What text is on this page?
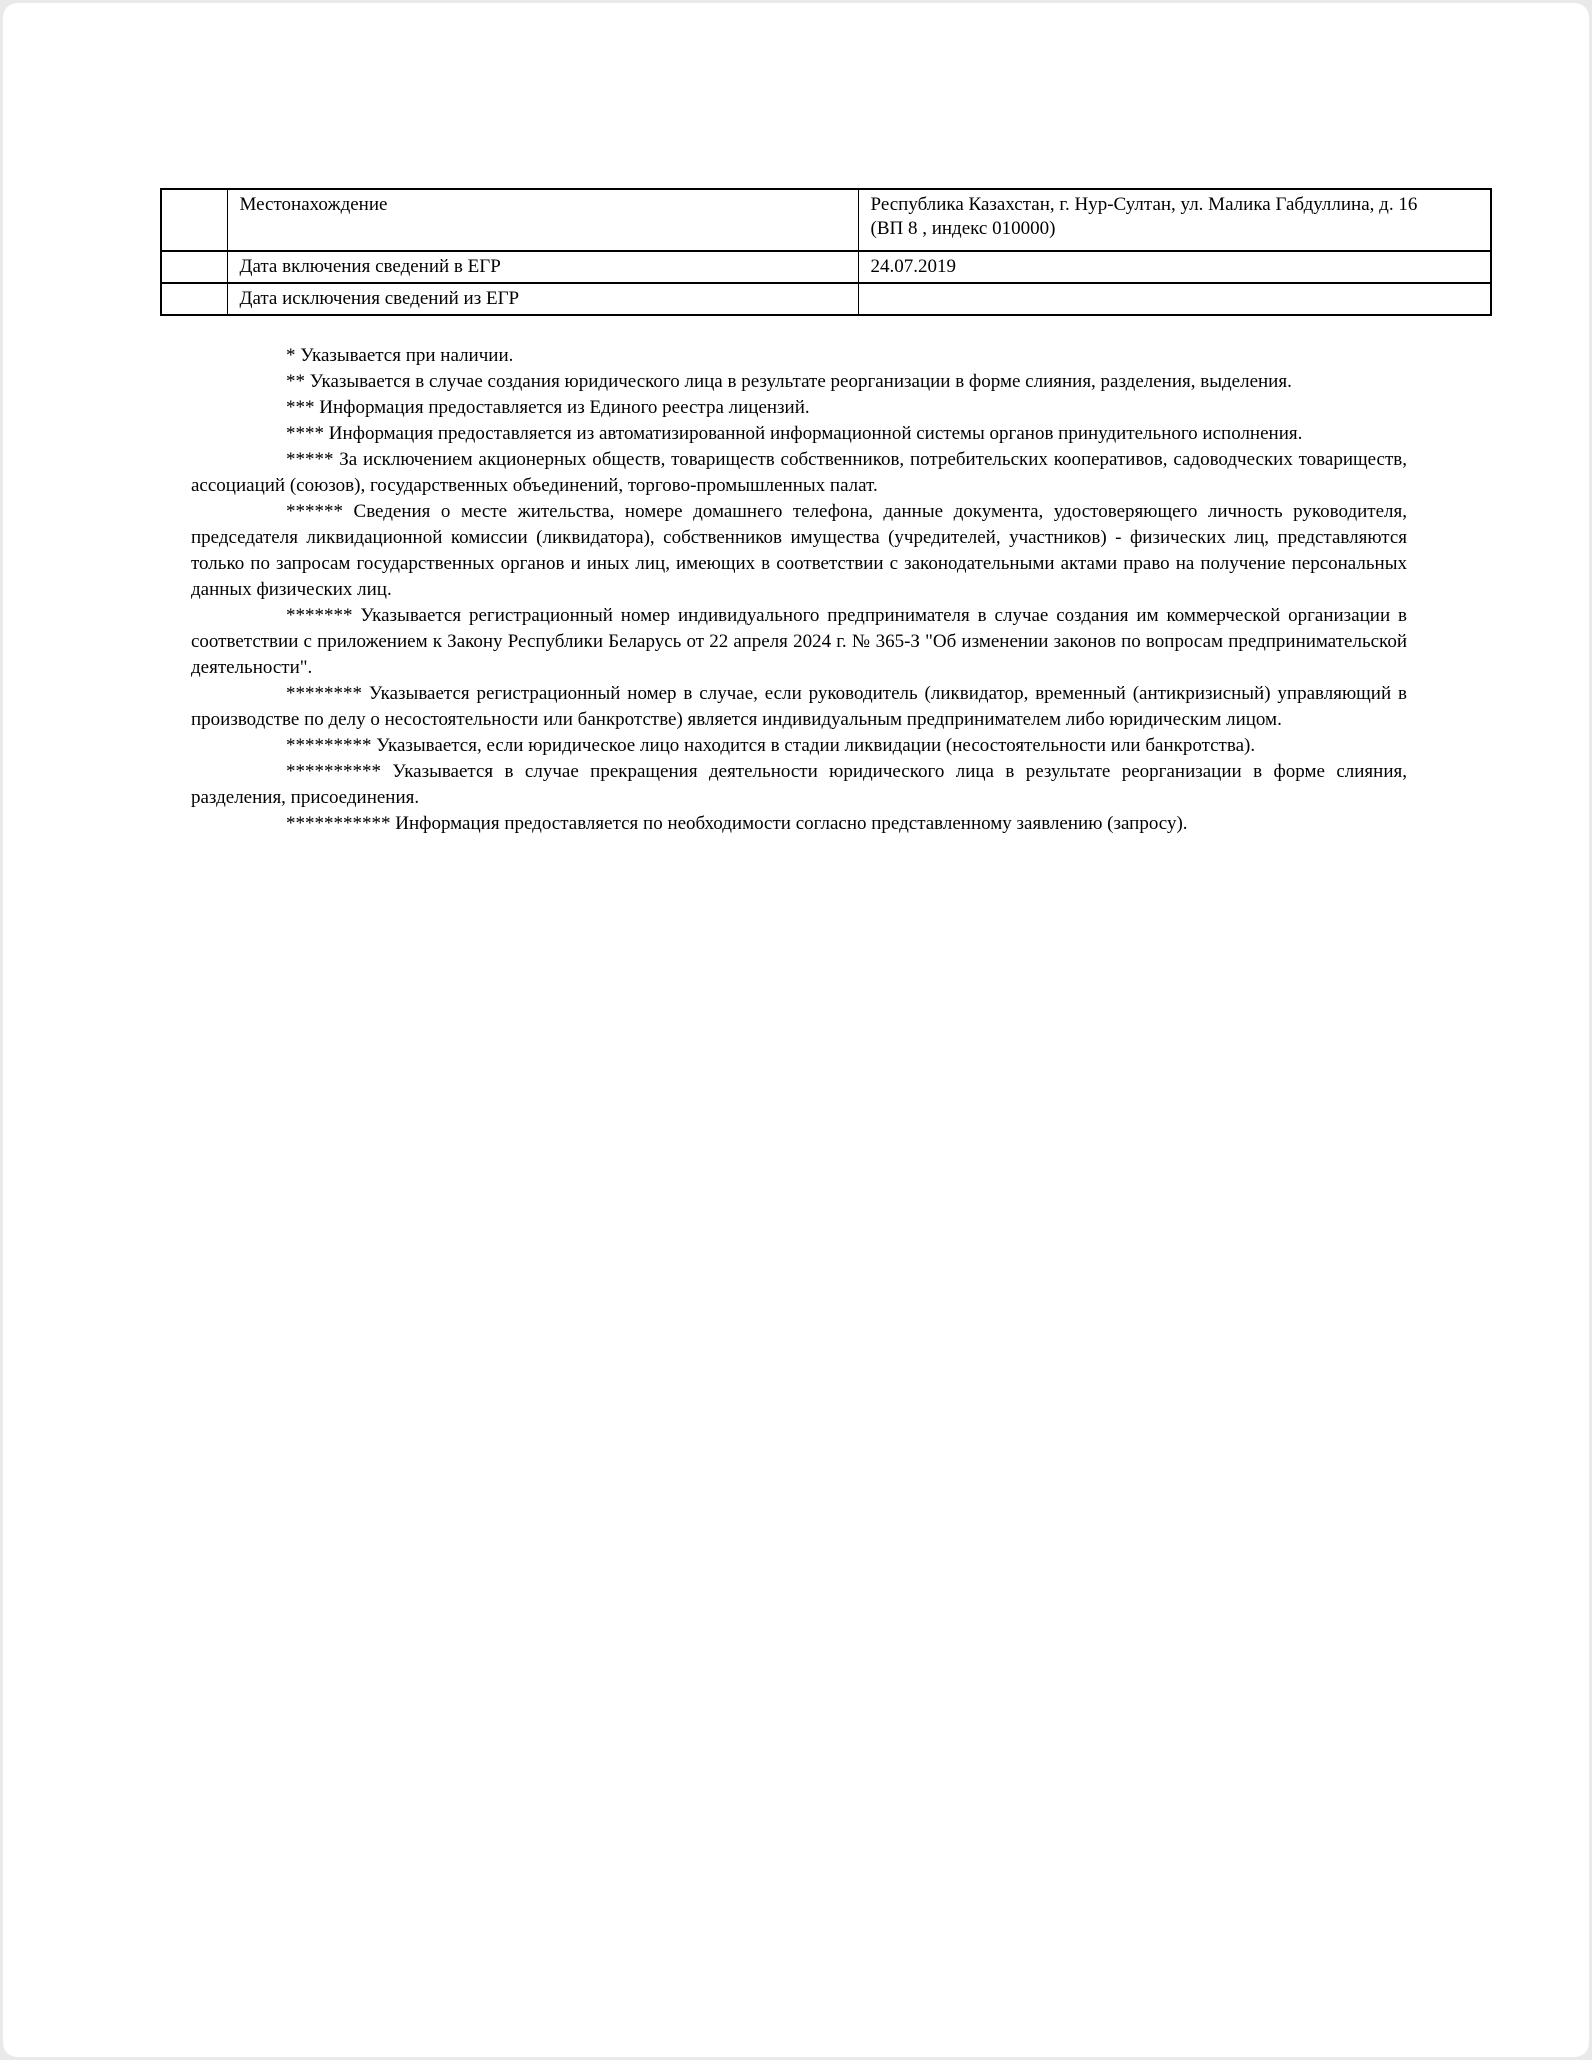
	Местонахождение	Республика Казахстан, г. Нур-Султан, ул. Малика Габдуллина, д. 16 (ВП 8 , индекс 010000)

	Дата включения сведений в ЕГР	24.07.2019
	Дата исключения сведений из ЕГР	

* Указывается при наличии.

** Указывается в случае создания юридического лица в результате реорганизации в форме слияния, разделения, выделения.

*** Информация предоставляется из Единого реестра лицензий.

**** Информация предоставляется из автоматизированной информационной системы органов принудительного исполнения.

***** За исключением акционерных обществ, товариществ собственников, потребительских кооперативов, садоводческих товариществ, ассоциаций (союзов), государственных объединений, торгово-промышленных палат.

****** Сведения о месте жительства, номере домашнего телефона, данные документа, удостоверяющего личность руководителя, председателя ликвидационной комиссии (ликвидатора), собственников имущества (учредителей, участников) - физических лиц, представляются только по запросам государственных органов и иных лиц, имеющих в соответствии с законодательными актами право на получение персональных данных физических лиц.

******* Указывается регистрационный номер индивидуального предпринимателя в случае создания им коммерческой организации в соответствии с приложением к Закону Республики Беларусь от 22 апреля 2024 г. № 365-З "Об изменении законов по вопросам предпринимательской деятельности".

******** Указывается регистрационный номер в случае, если руководитель (ликвидатор, временный (антикризисный) управляющий в производстве по делу о несостоятельности или банкротстве) является индивидуальным предпринимателем либо юридическим лицом.

********* Указывается, если юридическое лицо находится в стадии ликвидации (несостоятельности или банкротства).

********** Указывается в случае прекращения деятельности юридического лица в результате реорганизации в форме слияния, разделения, присоединения.

*********** Информация предоставляется по необходимости согласно представленному заявлению (запросу).
